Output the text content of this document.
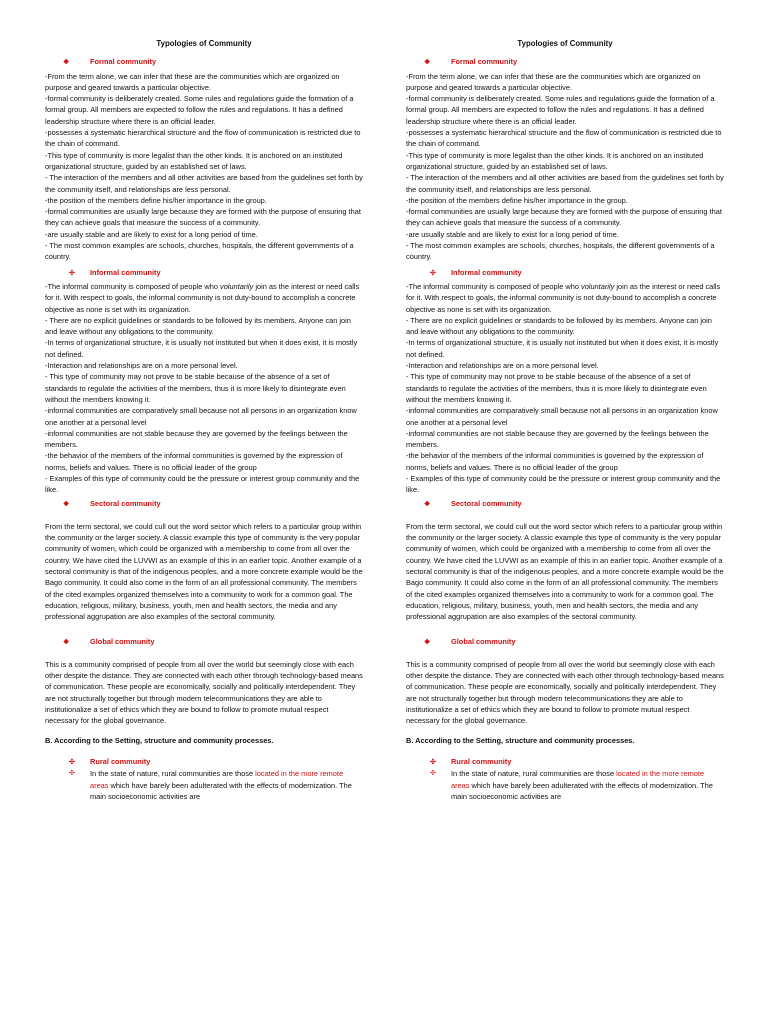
Typologies of Community
❖	Formal community

-From the term alone, we can infer that these are the communities which are organized on purpose and geared towards a particular objective.

-formal community is deliberately created. Some rules and regulations guide the formation of a formal group. All members are expected to follow the rules and regulations. It has a defined leadership structure where there is an official leader.

-possesses a systematic hierarchical structure and the flow of communication is restricted due to the chain of command.

-This type of community is more legalist than the other kinds. It is anchored on an instituted organizational structure, guided by an established set of laws.

- The interaction of the members and all other activities are based from the guidelines set forth by the community itself, and relationships are less personal.

-the position of the members define his/her importance in the group.

-formal communities are usually large because they are formed with the purpose of ensuring that they can achieve goals that measure the success of a community.

-are usually stable and are likely to exist for a long period of time.

- The most common examples are schools, churches, hospitals, the different governments of a country.

✣ Informal community

-The informal community is composed of people who voluntarily join as the interest or need calls for it. With respect to goals, the informal community is not duty-bound to accomplish a concrete objective as none is set with its organization.

- There are no explicit guidelines or standards to be followed by its members. Anyone can join and leave without any obligations to the community.

-In terms of organizational structure, it is usually not instituted but when it does exist, it is mostly not defined.

-Interaction and relationships are on a more personal level.

- This type of community may not prove to be stable because of the absence of a set of standards to regulate the activities of the members, thus it is more likely to disintegrate even without the members knowing it.

-informal communities are comparatively small because not all persons in an organization know one another at a personal level

-informal communities are not stable because they are governed by the feelings between the members.

-the behavior of the members of the informal communities is governed by the expression of norms, beliefs and values. There is no official leader of the group

- Examples of this type of community could be the pressure or interest group community and the like.

❖	Sectoral community

From the term sectoral, we could cull out the word sector which refers to a particular group within the community or the larger society. A classic example this type of community is the very popular community of women, which could be organized with a membership to come from all over the country. We have cited the LUVWI as an example of this in an earlier topic. Another example of a sectoral community is that of the indigenous peoples, and a more concrete example would be the Bago community. It could also come in the form of an all professional community. The members of the cited examples organized themselves into a community to work for a common goal. The education, religious, military, business, youth, men and health sectors, the media and any professional aggrupation are also examples of the sectoral community.

❖	Global community

This is a community comprised of people from all over the world but seemingly close with each other despite the distance. They are connected with each other through technology-based means of communication. These people are economically, socially and politically interdependent. They are not structurally together but through modern telecommunications they are able to institutionalize a set of ethics which they are bound to follow to promote mutual respect necessary for the global governance.

B. According to the Setting, structure and community processes.
✣ Rural community
✣	In the state of nature, rural communities are those located in the more remote areas which have barely been adulterated with the effects of modernization. The main socioeconomic activities are
Typologies of Community
❖	Formal community

-From the term alone, we can infer that these are the communities which are organized on purpose and geared towards a particular objective.

-formal community is deliberately created. Some rules and regulations guide the formation of a formal group. All members are expected to follow the rules and regulations. It has a defined leadership structure where there is an official leader.

-possesses a systematic hierarchical structure and the flow of communication is restricted due to the chain of command.

-This type of community is more legalist than the other kinds. It is anchored on an instituted organizational structure, guided by an established set of laws.

- The interaction of the members and all other activities are based from the guidelines set forth by the community itself, and relationships are less personal.

-the position of the members define his/her importance in the group.

-formal communities are usually large because they are formed with the purpose of ensuring that they can achieve goals that measure the success of a community.

-are usually stable and are likely to exist for a long period of time.

- The most common examples are schools, churches, hospitals, the different governments of a country.

✣ Informal community

-The informal community is composed of people who voluntarily join as the interest or need calls for it. With respect to goals, the informal community is not duty-bound to accomplish a concrete objective as none is set with its organization.

- There are no explicit guidelines or standards to be followed by its members. Anyone can join and leave without any obligations to the community.

-In terms of organizational structure, it is usually not instituted but when it does exist, it is mostly not defined.

-Interaction and relationships are on a more personal level.

- This type of community may not prove to be stable because of the absence of a set of standards to regulate the activities of the members, thus it is more likely to disintegrate even without the members knowing it.

-informal communities are comparatively small because not all persons in an organization know one another at a personal level

-informal communities are not stable because they are governed by the feelings between the members.

-the behavior of the members of the informal communities is governed by the expression of norms, beliefs and values. There is no official leader of the group

- Examples of this type of community could be the pressure or interest group community and the like.

❖	Sectoral community

From the term sectoral, we could cull out the word sector which refers to a particular group within the community or the larger society. A classic example this type of community is the very popular community of women, which could be organized with a membership to come from all over the country. We have cited the LUVWI as an example of this in an earlier topic. Another example of a sectoral community is that of the indigenous peoples, and a more concrete example would be the Bago community. It could also come in the form of an all professional community. The members of the cited examples organized themselves into a community to work for a common goal. The education, religious, military, business, youth, men and health sectors, the media and any professional aggrupation are also examples of the sectoral community.

❖	Global community

This is a community comprised of people from all over the world but seemingly close with each other despite the distance. They are connected with each other through technology-based means of communication. These people are economically, socially and politically interdependent. They are not structurally together but through modern telecommunications they are able to institutionalize a set of ethics which they are bound to follow to promote mutual respect necessary for the global governance.

B. According to the Setting, structure and community processes.
✣ Rural community
✣	In the state of nature, rural communities are those located in the more remote areas which have barely been adulterated with the effects of modernization. The main socioeconomic activities are
